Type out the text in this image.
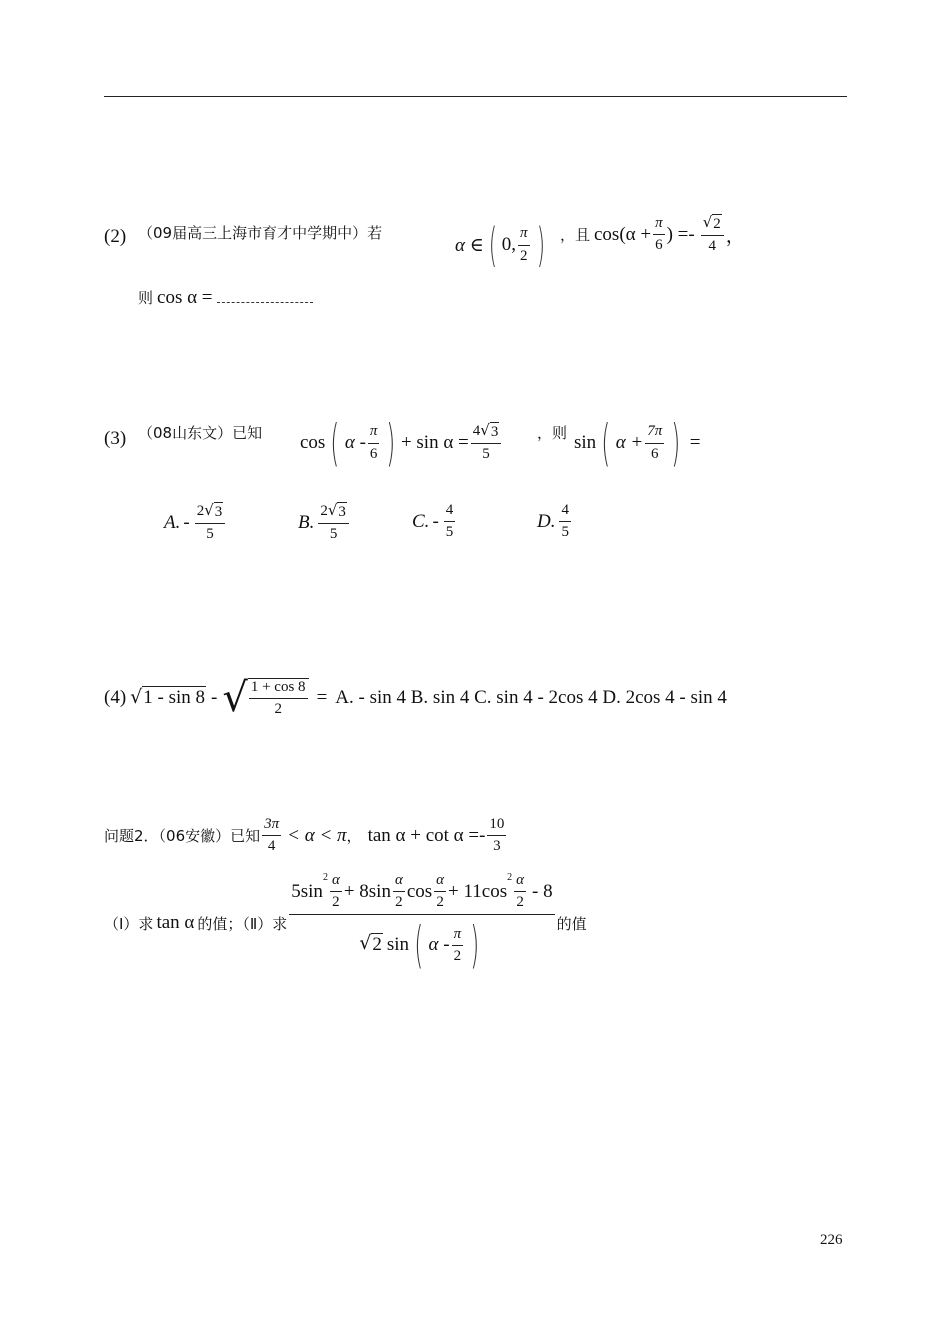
(2) （09届高三上海市育才中学期中）若
α ∈ ( 0, $\frac{\pi}{2}$ ) ，且 $\cos(\alpha + \frac{\pi}{6}$ ) =- $\frac{√ 2}{4}$ ，
则 cos α =
(3) （08山东文）已知 cos ( α - $\frac{\pi}{6}$ ) + $\sin \alpha = \frac{4 √ 3}{5}$ ，则 sin ( $\alpha + \frac{7\pi}{6}$ ) =
A. - $\frac{2 √ 3}{5}$	B. $\frac{2 √ 3}{5}$	C. - $\frac{4}{5}$	D. $\frac{4}{5}$
(4) √ 1 - sin 8 - √ $\frac{1 + \cos 8}{2} = A$. - sin 4 B. sin 4 C. sin 4 - 2cos 4 D. 2cos 4 - sin 4
问题2．（06安徽）已知 $\frac{3\pi}{4} < \alpha < \pi$ ， $\tan \alpha + \cot \alpha =- \frac{10}{3}$
（Ⅰ）求 tan α 的值；（Ⅱ）求
5sin
$^2 \frac{\alpha}{2} + 8\sin \frac{\alpha}{2}$ $\cos \frac{\alpha}{2} + 11\cos$
$^2 \frac{\alpha}{2} - 8$
√ 2 sin ( α - $\frac{\pi}{2}$ )	的值
226
